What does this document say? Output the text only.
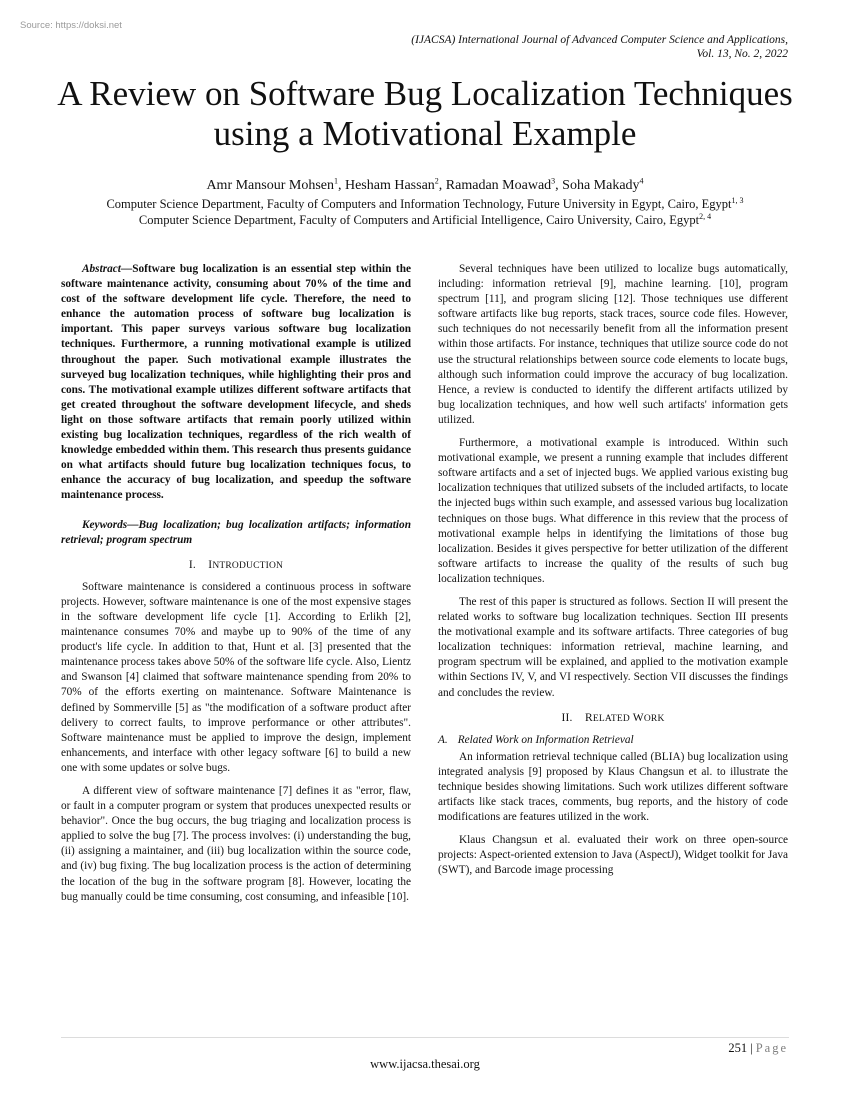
Source: https://doksi.net
(IJACSA) International Journal of Advanced Computer Science and Applications,
Vol. 13, No. 2, 2022
A Review on Software Bug Localization Techniques
using a Motivational Example
Amr Mansour Mohsen$^1$, Hesham Hassan$^2$, Ramadan Moawad$^3$, Soha Makady$^4$
Computer Science Department, Faculty of Computers and Information Technology, Future University in Egypt, Cairo, Egypt$^{1, 3}$
Computer Science Department, Faculty of Computers and Artificial Intelligence, Cairo University, Cairo, Egypt$^{2, 4}$

Abstract—Software bug localization is an essential step within the software maintenance activity, consuming about 70% of the time and cost of the software development life cycle. Therefore, the need to enhance the automation process of software bug localization is important. This paper surveys various software bug localization techniques. Furthermore, a running motivational example is utilized throughout the paper. Such motivational example illustrates the surveyed bug localization techniques, while highlighting their pros and cons. The motivational example utilizes different software artifacts that get created throughout the software development lifecycle, and sheds light on those software artifacts that remain poorly utilized within existing bug localization techniques, regardless of the rich wealth of knowledge embedded within them. This research thus presents guidance on what artifacts should future bug localization techniques focus, to enhance the accuracy of bug localization, and speedup the software maintenance process.

Keywords—Bug localization; bug localization artifacts; information retrieval; program spectrum

I. INTRODUCTION

Software maintenance is considered a continuous process in software projects. However, software maintenance is one of the most expensive stages in the software development life cycle [1]. According to Erlikh [2], maintenance consumes 70% and maybe up to 90% of the time of any product's life cycle. In addition to that, Hunt et al. [3] presented that the maintenance process takes above 50% of the software life cycle. Also, Lientz and Swanson [4] claimed that software maintenance spending from 20% to 70% of the efforts exerting on maintenance. Software Maintenance is defined by Sommerville [5] as "the modification of a software product after delivery to correct faults, to improve performance or other attributes". Software maintenance must be applied to improve the design, implement enhancements, and interface with other legacy software [6] to build a new one with some updates or solve bugs.

A different view of software maintenance [7] defines it as "error, flaw, or fault in a computer program or system that produces unexpected results or behavior". Once the bug occurs, the bug triaging and localization process is applied to solve the bug [7]. The process involves: (i) understanding the bug, (ii) assigning a maintainer, and (iii) bug localization within the source code, and (iv) bug fixing. The bug localization process is the action of determining the location of the bug in the software program [8]. However, locating the bug manually could be time consuming, cost consuming, and infeasible [10].

Several techniques have been utilized to localize bugs automatically, including: information retrieval [9], machine learning. [10], program spectrum [11], and program slicing [12]. Those techniques use different software artifacts like bug reports, stack traces, source code files. However, such techniques do not necessarily benefit from all the information present within those artifacts. For instance, techniques that utilize source code do not use the structural relationships between source code elements to locate bugs, although such information could improve the accuracy of bug localization. Hence, a review is conducted to identify the different artifacts utilized by bug localization techniques, and how well such artifacts' information gets utilized.

Furthermore, a motivational example is introduced. Within such motivational example, we present a running example that includes different software artifacts and a set of injected bugs. We applied various existing bug localization techniques that utilized subsets of the included artifacts, to locate the injected bugs within such example, and assessed various bug localization techniques on those bugs. What difference in this review that the process of motivational example helps in identifying the limitations of those bug localization. Besides it gives perspective for better utilization of the different software artifacts to increase the quality of the results of such bug localization techniques.

The rest of this paper is structured as follows. Section II will present the related works to software bug localization techniques. Section III presents the motivational example and its software artifacts. Three categories of bug localization techniques: information retrieval, machine learning, and program spectrum will be explained, and applied to the motivation example within Sections IV, V, and VI respectively. Section VII discusses the findings and concludes the review.

II. RELATED WORK
A. Related Work on Information Retrieval

An information retrieval technique called (BLIA) bug localization using integrated analysis [9] proposed by Klaus Changsun et al. to illustrate the technique besides showing limitations. Such work utilizes different software artifacts like stack traces, comments, bug reports, and the history of code modifications are features utilized in the work.

Klaus Changsun et al. evaluated their work on three open-source projects: Aspect-oriented extension to Java (AspectJ), Widget toolkit for Java (SWT), and Barcode image processing

251 | Page
www.ijacsa.thesai.org
